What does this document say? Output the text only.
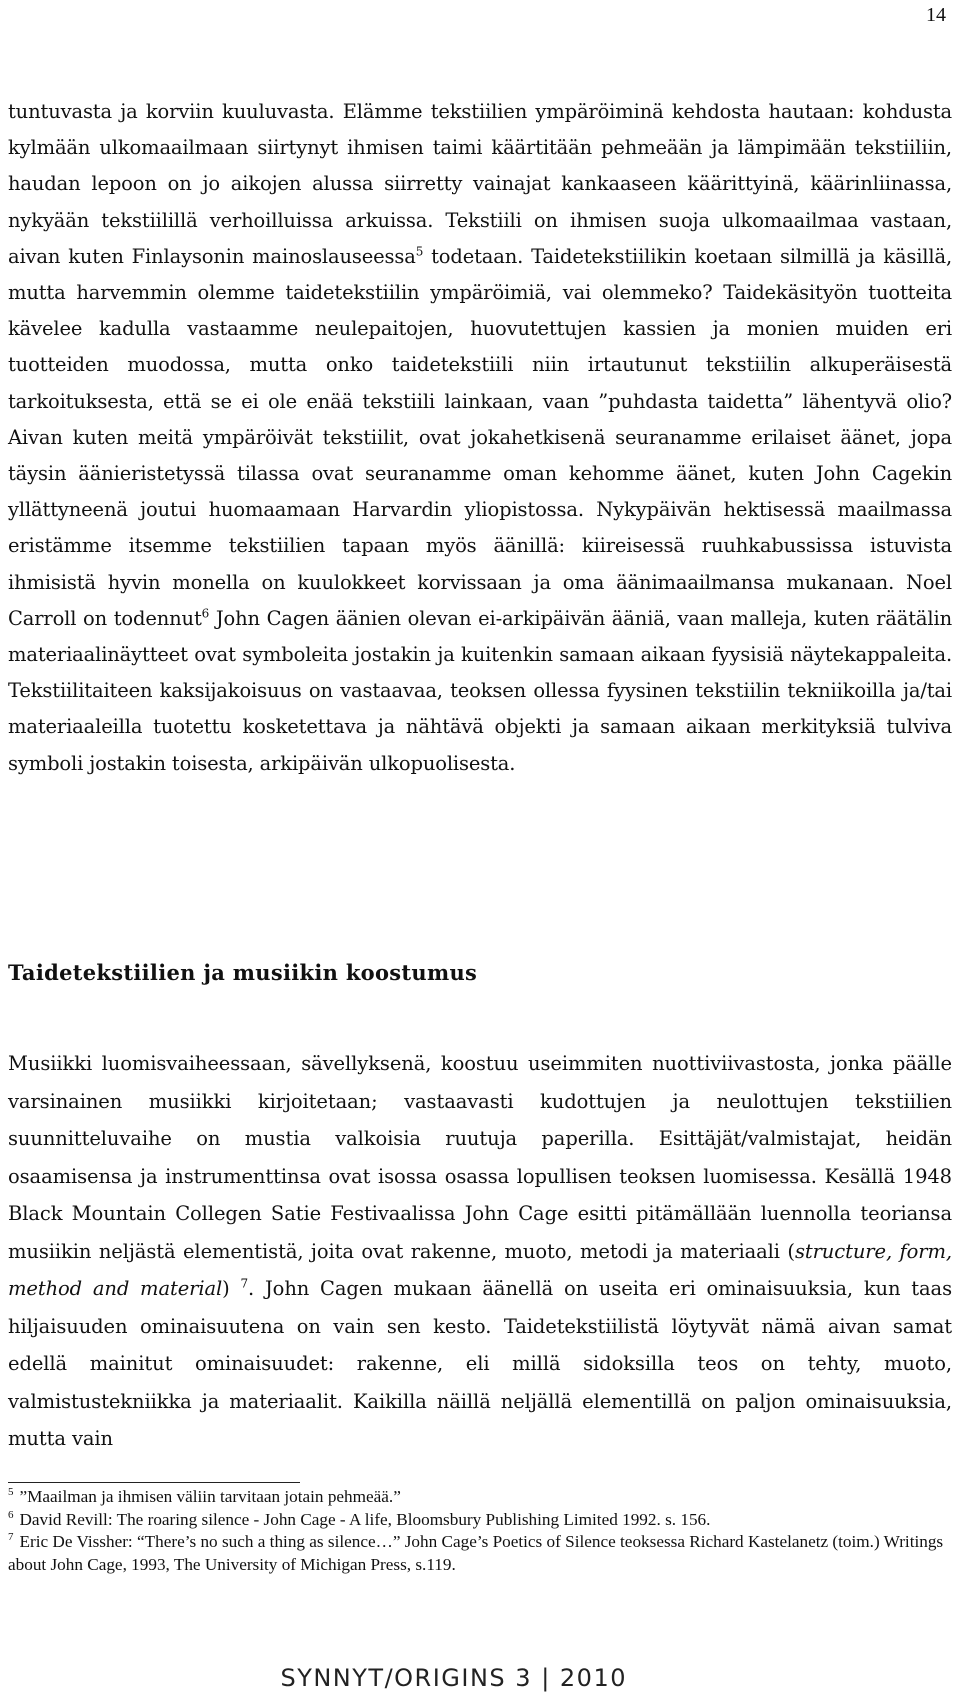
14

tuntuvasta ja korviin kuuluvasta. Elämme tekstiilien ympäröiminä kehdosta hautaan: kohdusta kylmään ulkomaailmaan siirtynyt ihmisen taimi käärtitään pehmeään ja lämpimään tekstiiliin, haudan lepoon on jo aikojen alussa siirretty vainajat kankaaseen käärittyinä, käärinliinassa, nykyään tekstiilillä verhoilluissa arkuissa. Tekstiili on ihmisen suoja ulkomaailmaa vastaan, aivan kuten Finlaysonin mainoslauseessa$^5$ todetaan. Taidetekstiilikin koetaan silmillä ja käsillä, mutta harvemmin olemme taidetekstiilin ympäröimiä, vai olemmeko? Taidekäsityön tuotteita kävelee kadulla vastaamme neulepaitojen, huovutettujen kassien ja monien muiden eri tuotteiden muodossa, mutta onko taidetekstiili niin irtautunut tekstiilin alkuperäisestä tarkoituksesta, että se ei ole enää tekstiili lainkaan, vaan ”puhdasta taidetta” lähentyvä olio? Aivan kuten meitä ympäröivät tekstiilit, ovat jokahetkisenä seuranamme erilaiset äänet, jopa täysin äänieristetyssä tilassa ovat seuranamme oman kehomme äänet, kuten John Cagekin yllättyneenä joutui huomaamaan Harvardin yliopistossa. Nykypäivän hektisessä maailmassa eristämme itsemme tekstiilien tapaan myös äänillä: kiireisessä ruuhkabussissa istuvista ihmisistä hyvin monella on kuulokkeet korvissaan ja oma äänimaailmansa mukanaan. Noel Carroll on todennut$^6$ John Cagen äänien olevan ei-arkipäivän ääniä, vaan malleja, kuten räätälin materiaalinäytteet ovat symboleita jostakin ja kuitenkin samaan aikaan fyysisiä näytekappaleita. Tekstiilitaiteen kaksijakoisuus on vastaavaa, teoksen ollessa fyysinen tekstiilin tekniikoilla ja/tai materiaaleilla tuotettu kosketettava ja nähtävä objekti ja samaan aikaan merkityksiä tulviva symboli jostakin toisesta, arkipäivän ulkopuolisesta.

Taidetekstiilien ja musiikin koostumus

Musiikki luomisvaiheessaan, sävellyksenä, koostuu useimmiten nuottiviivastosta, jonka päälle varsinainen musiikki kirjoitetaan; vastaavasti kudottujen ja neulottujen tekstiilien suunnitteluvaihe on mustia valkoisia ruutuja paperilla. Esittäjät/valmistajat, heidän osaamisensa ja instrumenttinsa ovat isossa osassa lopullisen teoksen luomisessa. Kesällä 1948 Black Mountain Collegen Satie Festivaalissa John Cage esitti pitämällään luennolla teoriansa musiikin neljästä elementistä, joita ovat rakenne, muoto, metodi ja materiaali (structure, form, method and material) $^7$. John Cagen mukaan äänellä on useita eri ominaisuuksia, kun taas hiljaisuuden ominaisuutena on vain sen kesto. Taidetekstiilistä löytyvät nämä aivan samat edellä mainitut ominaisuudet: rakenne, eli millä sidoksilla teos on tehty, muoto, valmistustekniikka ja materiaalit. Kaikilla näillä neljällä elementillä on paljon ominaisuuksia, mutta vain

$^5$ ”Maailman ja ihmisen väliin tarvitaan jotain pehmeää.”

$^6$ David Revill: The roaring silence - John Cage - A life, Bloomsbury Publishing Limited 1992. s. 156.

$^7$ Eric De Vissher: “There’s no such a thing as silence…” John Cage’s Poetics of Silence teoksessa Richard Kastelanetz (toim.) Writings about John Cage, 1993, The University of Michigan Press, s.119.

SYNNYT/ORIGINS 3 | 2010
